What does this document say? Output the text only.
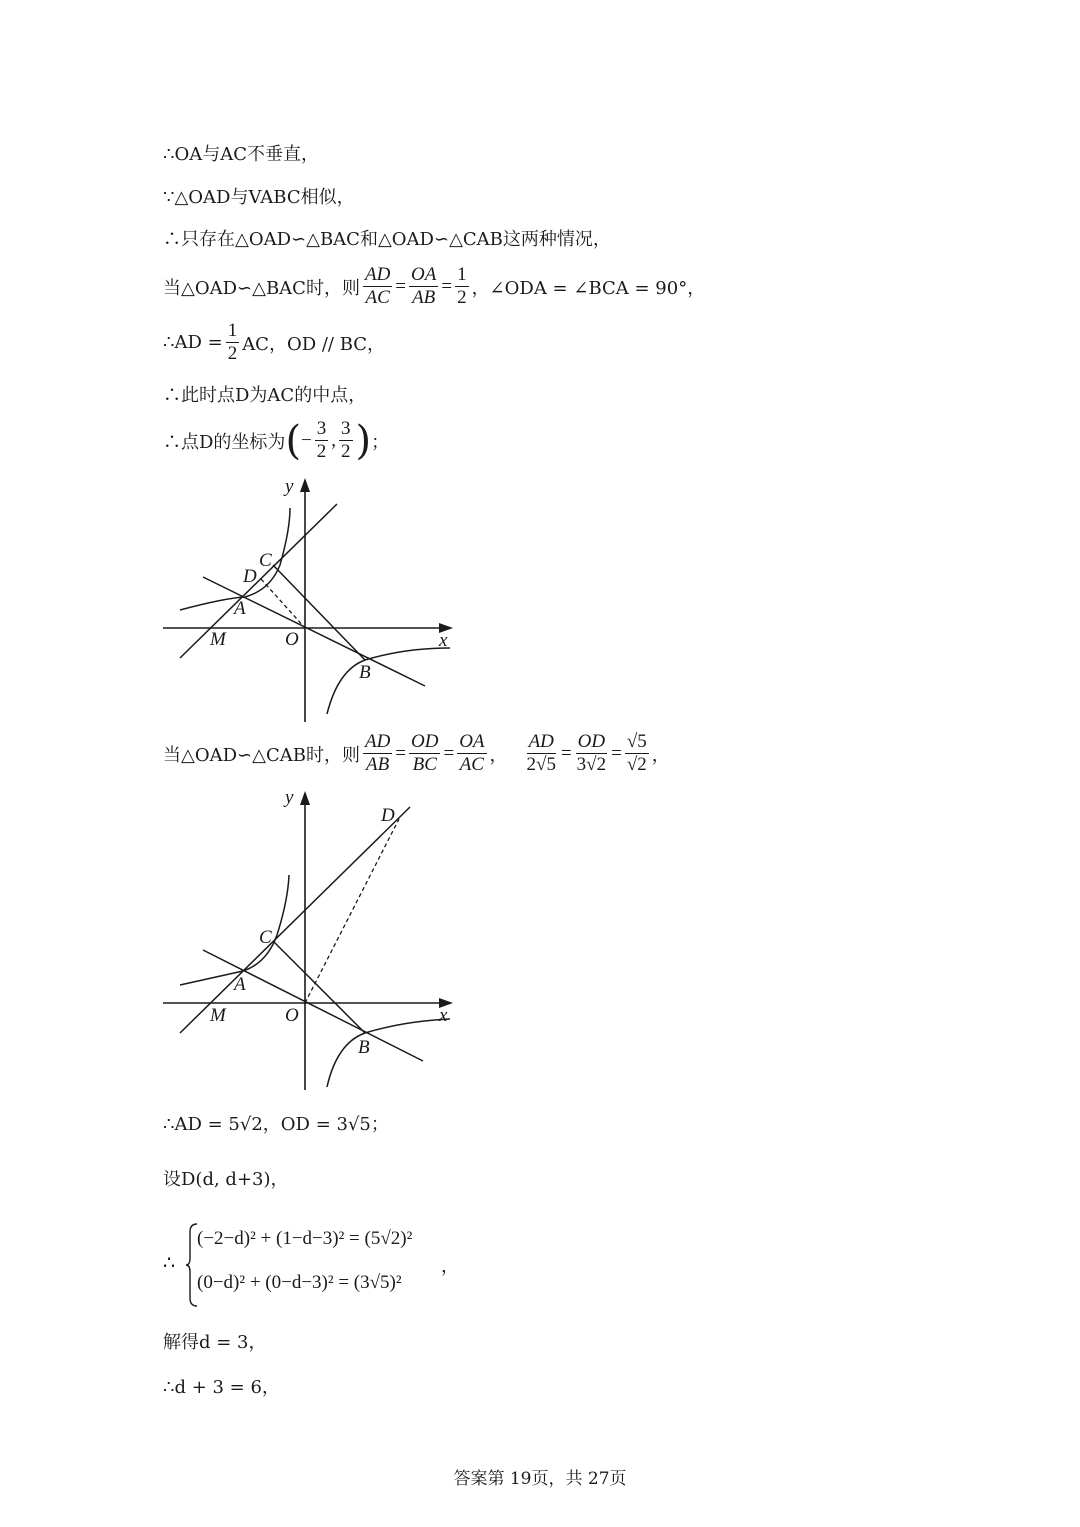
∴OA与AC不垂直，
∵△OAD与VABC相似，
∴只存在△OAD∽△BAC和△OAD∽△CAB这两种情况，
当△OAD∽△BAC时，则 $\frac{AD}{AC} = \frac{OA}{AB} = \frac{1}{2}$ ，∠ODA = ∠BCA = 90°，
∴AD = $\frac{1}{2}$ AC，OD // BC，
∴此时点D为AC的中点，
∴点D的坐标为 ( − $\frac{3}{2}$ , $\frac{3}{2}$ ) ；
y
x
C
D
A
M	O
B
当△OAD∽△CAB时，则 $\frac{AD}{AB} = \frac{OD}{BC} = \frac{OA}{AC}$ ， $\frac{AD}{2√5} = \frac{OD}{3√2} = \frac{√5}{√2}$ ，
y
x
D
C
A
M	O
B
∴AD = 5√2，OD = 3√5；
设D(d, d+3)，
∴
(−2−d)² + (1−d−3)² = (5√2)²
(0−d)² + (0−d−3)² = (3√5)²
，
解得d = 3，
∴d + 3 = 6，
答案第 19页，共 27页
